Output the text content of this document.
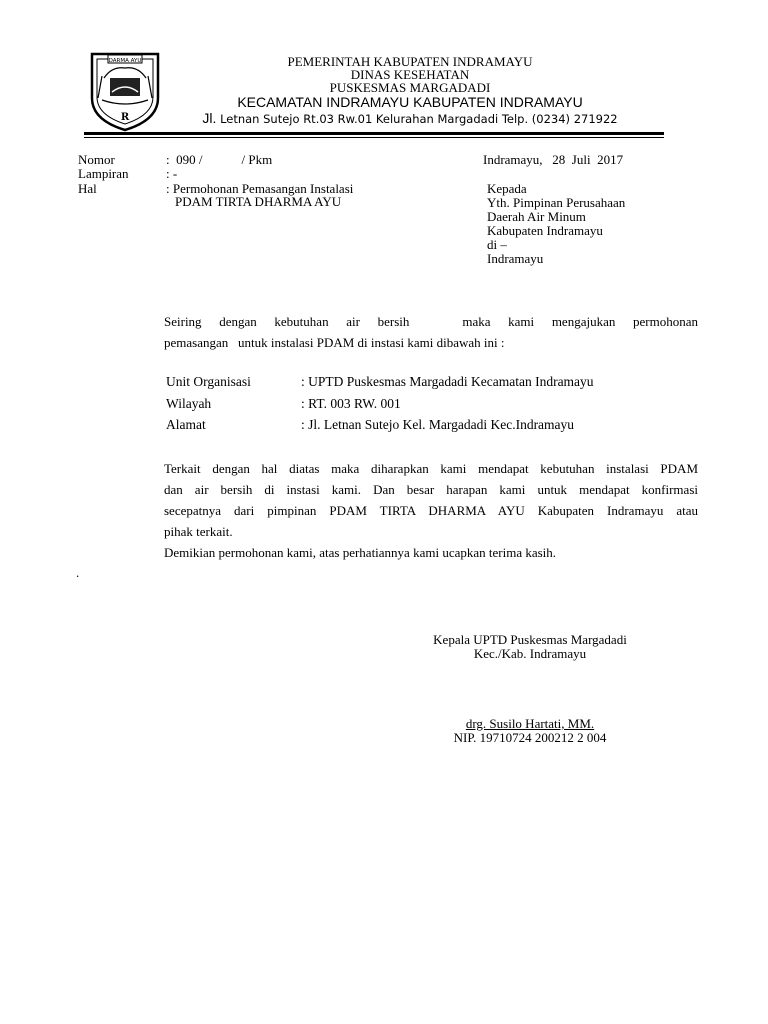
DARMA AYU
R
PEMERINTAH KABUPATEN INDRAMAYU
DINAS KESEHATAN
PUSKESMAS MARGADADI
KECAMATAN INDRAMAYU KABUPATEN INDRAMAYU
Jl. Letnan Sutejo Rt.03 Rw.01 Kelurahan Margadadi Telp. (0234) 271922
Nomor	:  090 /            / Pkm
Lampiran	: -
Hal	: Permohonan Pemasangan Instalasi
PDAM TIRTA DHARMA AYU
Indramayu,   28  Juli  2017
Kepada
Yth. Pimpinan Perusahaan
Daerah Air Minum
Kabupaten Indramayu
di –
Indramayu
Seiring  dengan  kebutuhan  air  bersih      maka  kami  mengajukan  permohonan
pemasangan   untuk instalasi PDAM di instasi kami dibawah ini :
Unit Organisasi	: UPTD Puskesmas Margadadi Kecamatan Indramayu
Wilayah	: RT. 003 RW. 001
Alamat	: Jl. Letnan Sutejo Kel. Margadadi Kec.Indramayu
Terkait dengan hal diatas maka diharapkan kami mendapat kebutuhan instalasi PDAM
dan air bersih di instasi kami. Dan besar harapan kami untuk mendapat konfirmasi
secepatnya dari pimpinan PDAM TIRTA DHARMA AYU Kabupaten Indramayu atau
pihak terkait.
Demikian permohonan kami, atas perhatiannya kami ucapkan terima kasih.
.
Kepala UPTD Puskesmas Margadadi
Kec./Kab. Indramayu
drg. Susilo Hartati, MM.
NIP. 19710724 200212 2 004
